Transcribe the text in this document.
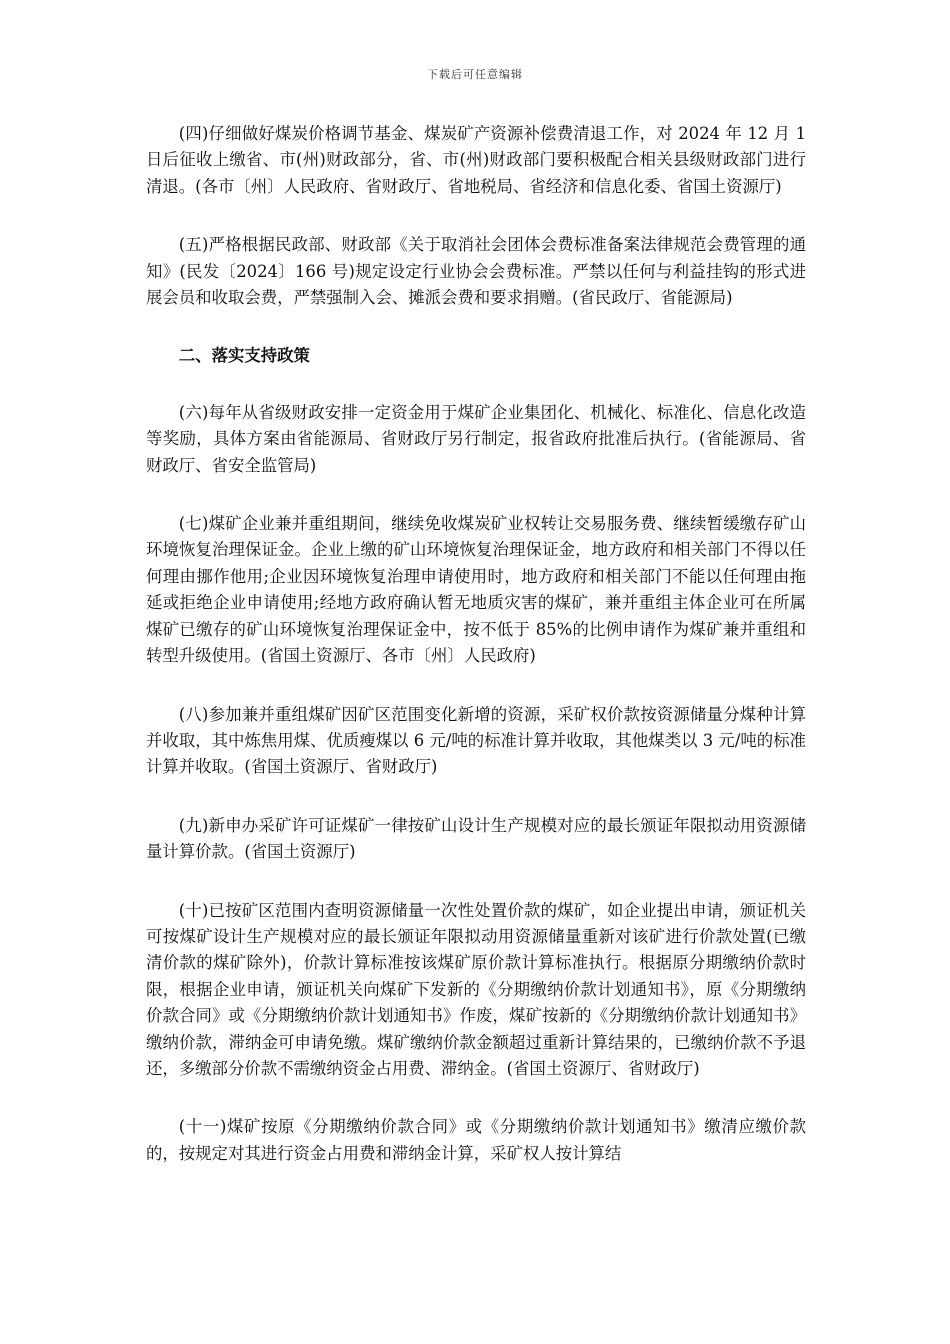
下载后可任意编辑

(四)仔细做好煤炭价格调节基金、煤炭矿产资源补偿费清退工作，对 2024 年 12 月 1 日后征收上缴省、市(州)财政部分，省、市(州)财政部门要积极配合相关县级财政部门进行清退。(各市〔州〕人民政府、省财政厅、省地税局、省经济和信息化委、省国土资源厅)

(五)严格根据民政部、财政部《关于取消社会团体会费标准备案法律规范会费管理的通知》(民发〔2024〕166 号)规定设定行业协会会费标准。严禁以任何与利益挂钩的形式进展会员和收取会费，严禁强制入会、摊派会费和要求捐赠。(省民政厅、省能源局)

二、落实支持政策

(六)每年从省级财政安排一定资金用于煤矿企业集团化、机械化、标准化、信息化改造等奖励，具体方案由省能源局、省财政厅另行制定，报省政府批准后执行。(省能源局、省财政厅、省安全监管局)

(七)煤矿企业兼并重组期间，继续免收煤炭矿业权转让交易服务费、继续暂缓缴存矿山环境恢复治理保证金。企业上缴的矿山环境恢复治理保证金，地方政府和相关部门不得以任何理由挪作他用;企业因环境恢复治理申请使用时，地方政府和相关部门不能以任何理由拖延或拒绝企业申请使用;经地方政府确认暂无地质灾害的煤矿，兼并重组主体企业可在所属煤矿已缴存的矿山环境恢复治理保证金中，按不低于 85%的比例申请作为煤矿兼并重组和转型升级使用。(省国土资源厅、各市〔州〕人民政府)

(八)参加兼并重组煤矿因矿区范围变化新增的资源，采矿权价款按资源储量分煤种计算并收取，其中炼焦用煤、优质瘦煤以 6 元/吨的标准计算并收取，其他煤类以 3 元/吨的标准计算并收取。(省国土资源厅、省财政厅)

(九)新申办采矿许可证煤矿一律按矿山设计生产规模对应的最长颁证年限拟动用资源储量计算价款。(省国土资源厅)

(十)已按矿区范围内查明资源储量一次性处置价款的煤矿，如企业提出申请，颁证机关可按煤矿设计生产规模对应的最长颁证年限拟动用资源储量重新对该矿进行价款处置(已缴清价款的煤矿除外)，价款计算标准按该煤矿原价款计算标准执行。根据原分期缴纳价款时限，根据企业申请，颁证机关向煤矿下发新的《分期缴纳价款计划通知书》，原《分期缴纳价款合同》或《分期缴纳价款计划通知书》作废，煤矿按新的《分期缴纳价款计划通知书》缴纳价款，滞纳金可申请免缴。煤矿缴纳价款金额超过重新计算结果的，已缴纳价款不予退还，多缴部分价款不需缴纳资金占用费、滞纳金。(省国土资源厅、省财政厅)

(十一)煤矿按原《分期缴纳价款合同》或《分期缴纳价款计划通知书》缴清应缴价款的，按规定对其进行资金占用费和滞纳金计算，采矿权人按计算结
